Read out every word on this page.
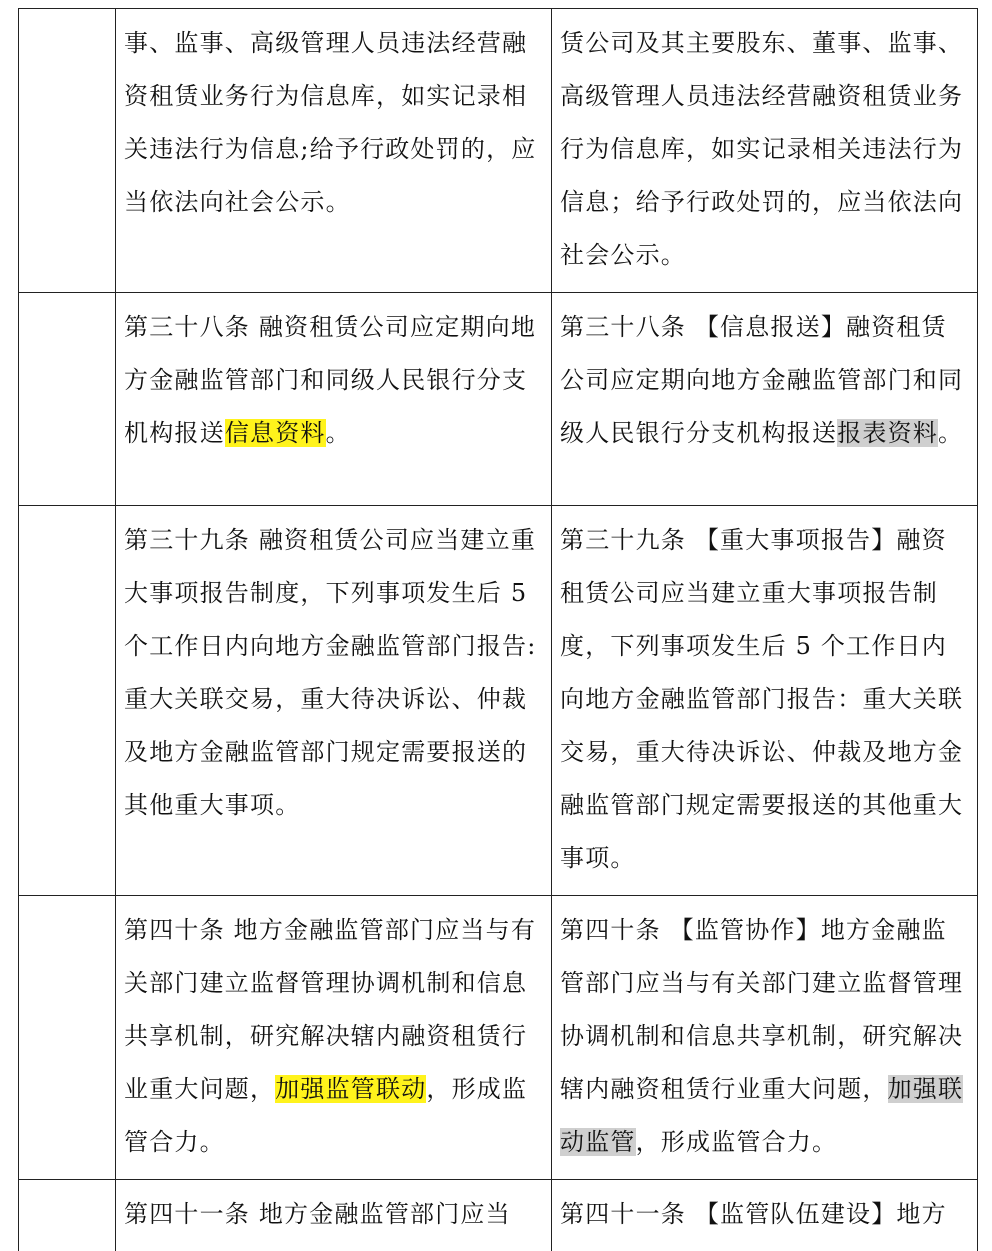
	事、监事、高级管理人员违法经营融资租赁业务行为信息库，如实记录相关违法行为信息;给予行政处罚的，应当依法向社会公示。	赁公司及其主要股东、董事、监事、高级管理人员违法经营融资租赁业务行为信息库，如实记录相关违法行为信息；给予行政处罚的，应当依法向社会公示。
	第三十八条 融资租赁公司应定期向地方金融监管部门和同级人民银行分支机构报送信息资料。	第三十八条 【信息报送】融资租赁公司应定期向地方金融监管部门和同级人民银行分支机构报送报表资料。
	第三十九条 融资租赁公司应当建立重大事项报告制度，下列事项发生后 5 个工作日内向地方金融监管部门报告:重大关联交易，重大待决诉讼、仲裁及地方金融监管部门规定需要报送的其他重大事项。	第三十九条 【重大事项报告】融资租赁公司应当建立重大事项报告制度，下列事项发生后 5 个工作日内向地方金融监管部门报告：重大关联交易，重大待决诉讼、仲裁及地方金融监管部门规定需要报送的其他重大事项。
	第四十条 地方金融监管部门应当与有关部门建立监督管理协调机制和信息共享机制，研究解决辖内融资租赁行业重大问题，加强监管联动，形成监管合力。	第四十条 【监管协作】地方金融监管部门应当与有关部门建立监督管理协调机制和信息共享机制，研究解决辖内融资租赁行业重大问题，加强联动监管，形成监管合力。
	第四十一条 地方金融监管部门应当	第四十一条 【监管队伍建设】地方
